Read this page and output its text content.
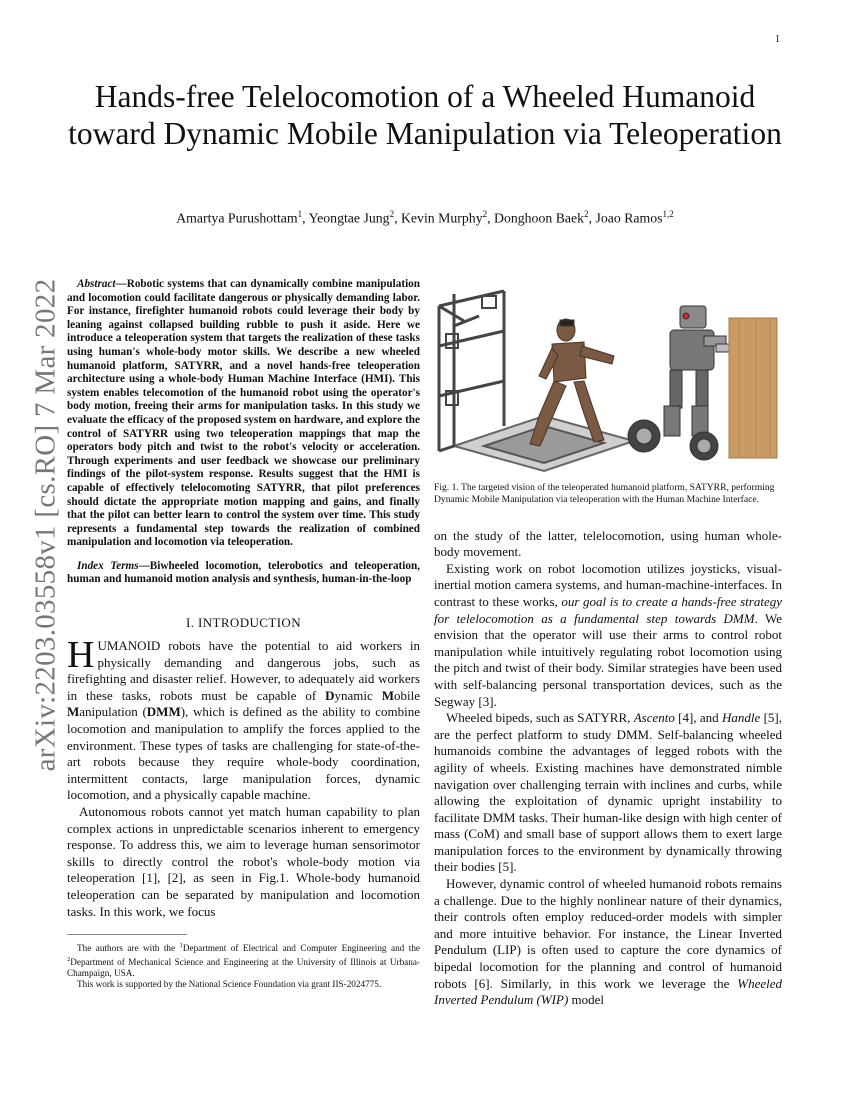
1
arXiv:2203.03558v1 [cs.RO] 7 Mar 2022
Hands-free Telelocomotion of a Wheeled Humanoid toward Dynamic Mobile Manipulation via Teleoperation
Amartya Purushottam$^1$, Yeongtae Jung$^2$, Kevin Murphy$^2$, Donghoon Baek$^2$, Joao Ramos$^{1,2}$

Abstract—Robotic systems that can dynamically combine manipulation and locomotion could facilitate dangerous or physically demanding labor. For instance, firefighter humanoid robots could leverage their body by leaning against collapsed building rubble to push it aside. Here we introduce a teleoperation system that targets the realization of these tasks using human's whole-body motor skills. We describe a new wheeled humanoid platform, SATYRR, and a novel hands-free teleoperation architecture using a whole-body Human Machine Interface (HMI). This system enables telecomotion of the humanoid robot using the operator's body motion, freeing their arms for manipulation tasks. In this study we evaluate the efficacy of the proposed system on hardware, and explore the control of SATYRR using two teleoperation mappings that map the operators body pitch and twist to the robot's velocity or acceleration. Through experiments and user feedback we showcase our preliminary findings of the pilot-system response. Results suggest that the HMI is capable of effectively telelocomoting SATYRR, that pilot preferences should dictate the appropriate motion mapping and gains, and finally that the pilot can better learn to control the system over time. This study represents a fundamental step towards the realization of combined manipulation and locomotion via teleoperation.

Index Terms—Biwheeled locomotion, telerobotics and teleoperation, human and humanoid motion analysis and synthesis, human-in-the-loop

I. INTRODUCTION

HUMANOID robots have the potential to aid workers in physically demanding and dangerous jobs, such as firefighting and disaster relief. However, to adequately aid workers in these tasks, robots must be capable of Dynamic Mobile Manipulation (DMM), which is defined as the ability to combine locomotion and manipulation to amplify the forces applied to the environment. These types of tasks are challenging for state-of-the-art robots because they require whole-body coordination, intermittent contacts, large manipulation forces, dynamic locomotion, and a physically capable machine.

Autonomous robots cannot yet match human capability to plan complex actions in unpredictable scenarios inherent to emergency response. To address this, we aim to leverage human sensorimotor skills to directly control the robot's whole-body motion via teleoperation [1], [2], as seen in Fig.1. Whole-body humanoid teleoperation can be separated by manipulation and locomotion tasks. In this work, we focus

The authors are with the $^1$Department of Electrical and Computer Engineering and the $^2$Department of Mechanical Science and Engineering at the University of Illinois at Urbana-Champaign, USA.

This work is supported by the National Science Foundation via grant IIS-2024775.

Fig. 1. The targeted vision of the teleoperated humanoid platform, SATYRR, performing Dynamic Mobile Manipulation via teleoperation with the Human Machine Interface.

on the study of the latter, telelocomotion, using human whole-body movement.

Existing work on robot locomotion utilizes joysticks, visual-inertial motion camera systems, and human-machine-interfaces. In contrast to these works, our goal is to create a hands-free strategy for telelocomotion as a fundamental step towards DMM. We envision that the operator will use their arms to control robot manipulation while intuitively regulating robot locomotion using the pitch and twist of their body. Similar strategies have been used with self-balancing personal transportation devices, such as the Segway [3].

Wheeled bipeds, such as SATYRR, Ascento [4], and Handle [5], are the perfect platform to study DMM. Self-balancing wheeled humanoids combine the advantages of legged robots with the agility of wheels. Existing machines have demonstrated nimble navigation over challenging terrain with inclines and curbs, while allowing the exploitation of dynamic upright instability to facilitate DMM tasks. Their human-like design with high center of mass (CoM) and small base of support allows them to exert large manipulation forces to the environment by dynamically throwing their bodies [5].

However, dynamic control of wheeled humanoid robots remains a challenge. Due to the highly nonlinear nature of their dynamics, their controls often employ reduced-order models with simpler and more intuitive behavior. For instance, the Linear Inverted Pendulum (LIP) is often used to capture the core dynamics of bipedal locomotion for the planning and control of humanoid robots [6]. Similarly, in this work we leverage the Wheeled Inverted Pendulum (WIP) model
